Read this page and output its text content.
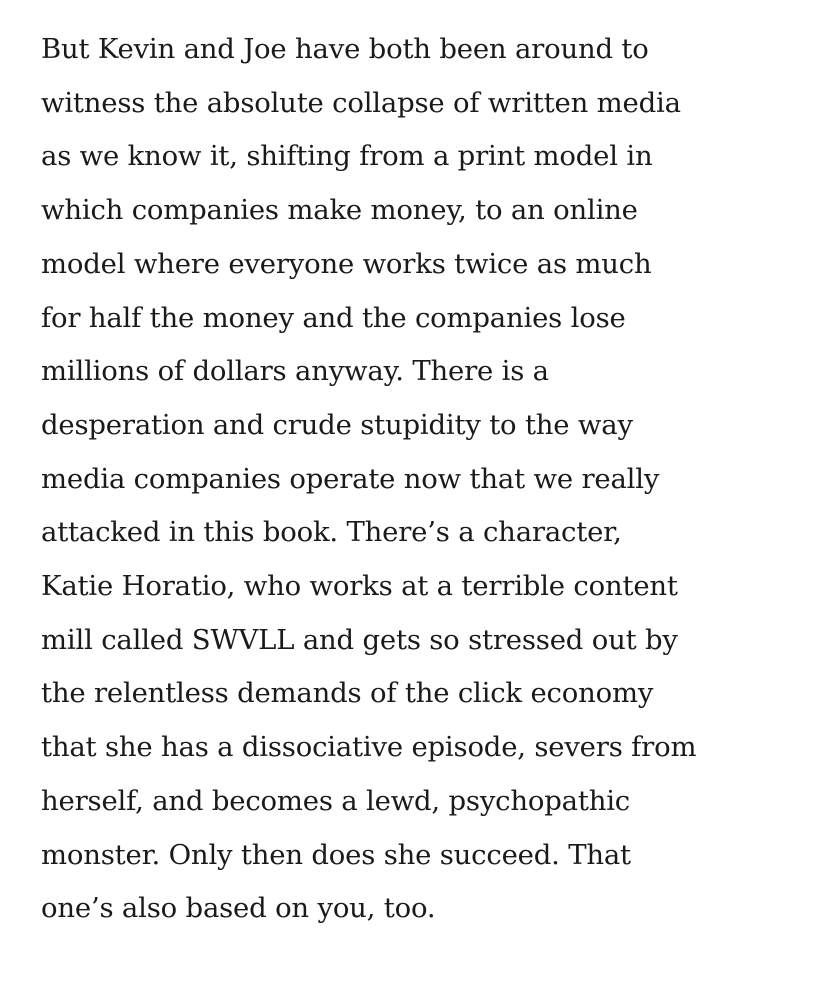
But Kevin and Joe have both been around to
witness the absolute collapse of written media
as we know it, shifting from a print model in
which companies make money, to an online
model where everyone works twice as much
for half the money and the companies lose
millions of dollars anyway. There is a
desperation and crude stupidity to the way
media companies operate now that we really
attacked in this book. There’s a character,
Katie Horatio, who works at a terrible content
mill called SWVLL and gets so stressed out by
the relentless demands of the click economy
that she has a dissociative episode, severs from
herself, and becomes a lewd, psychopathic
monster. Only then does she succeed. That
one’s also based on you, too.
